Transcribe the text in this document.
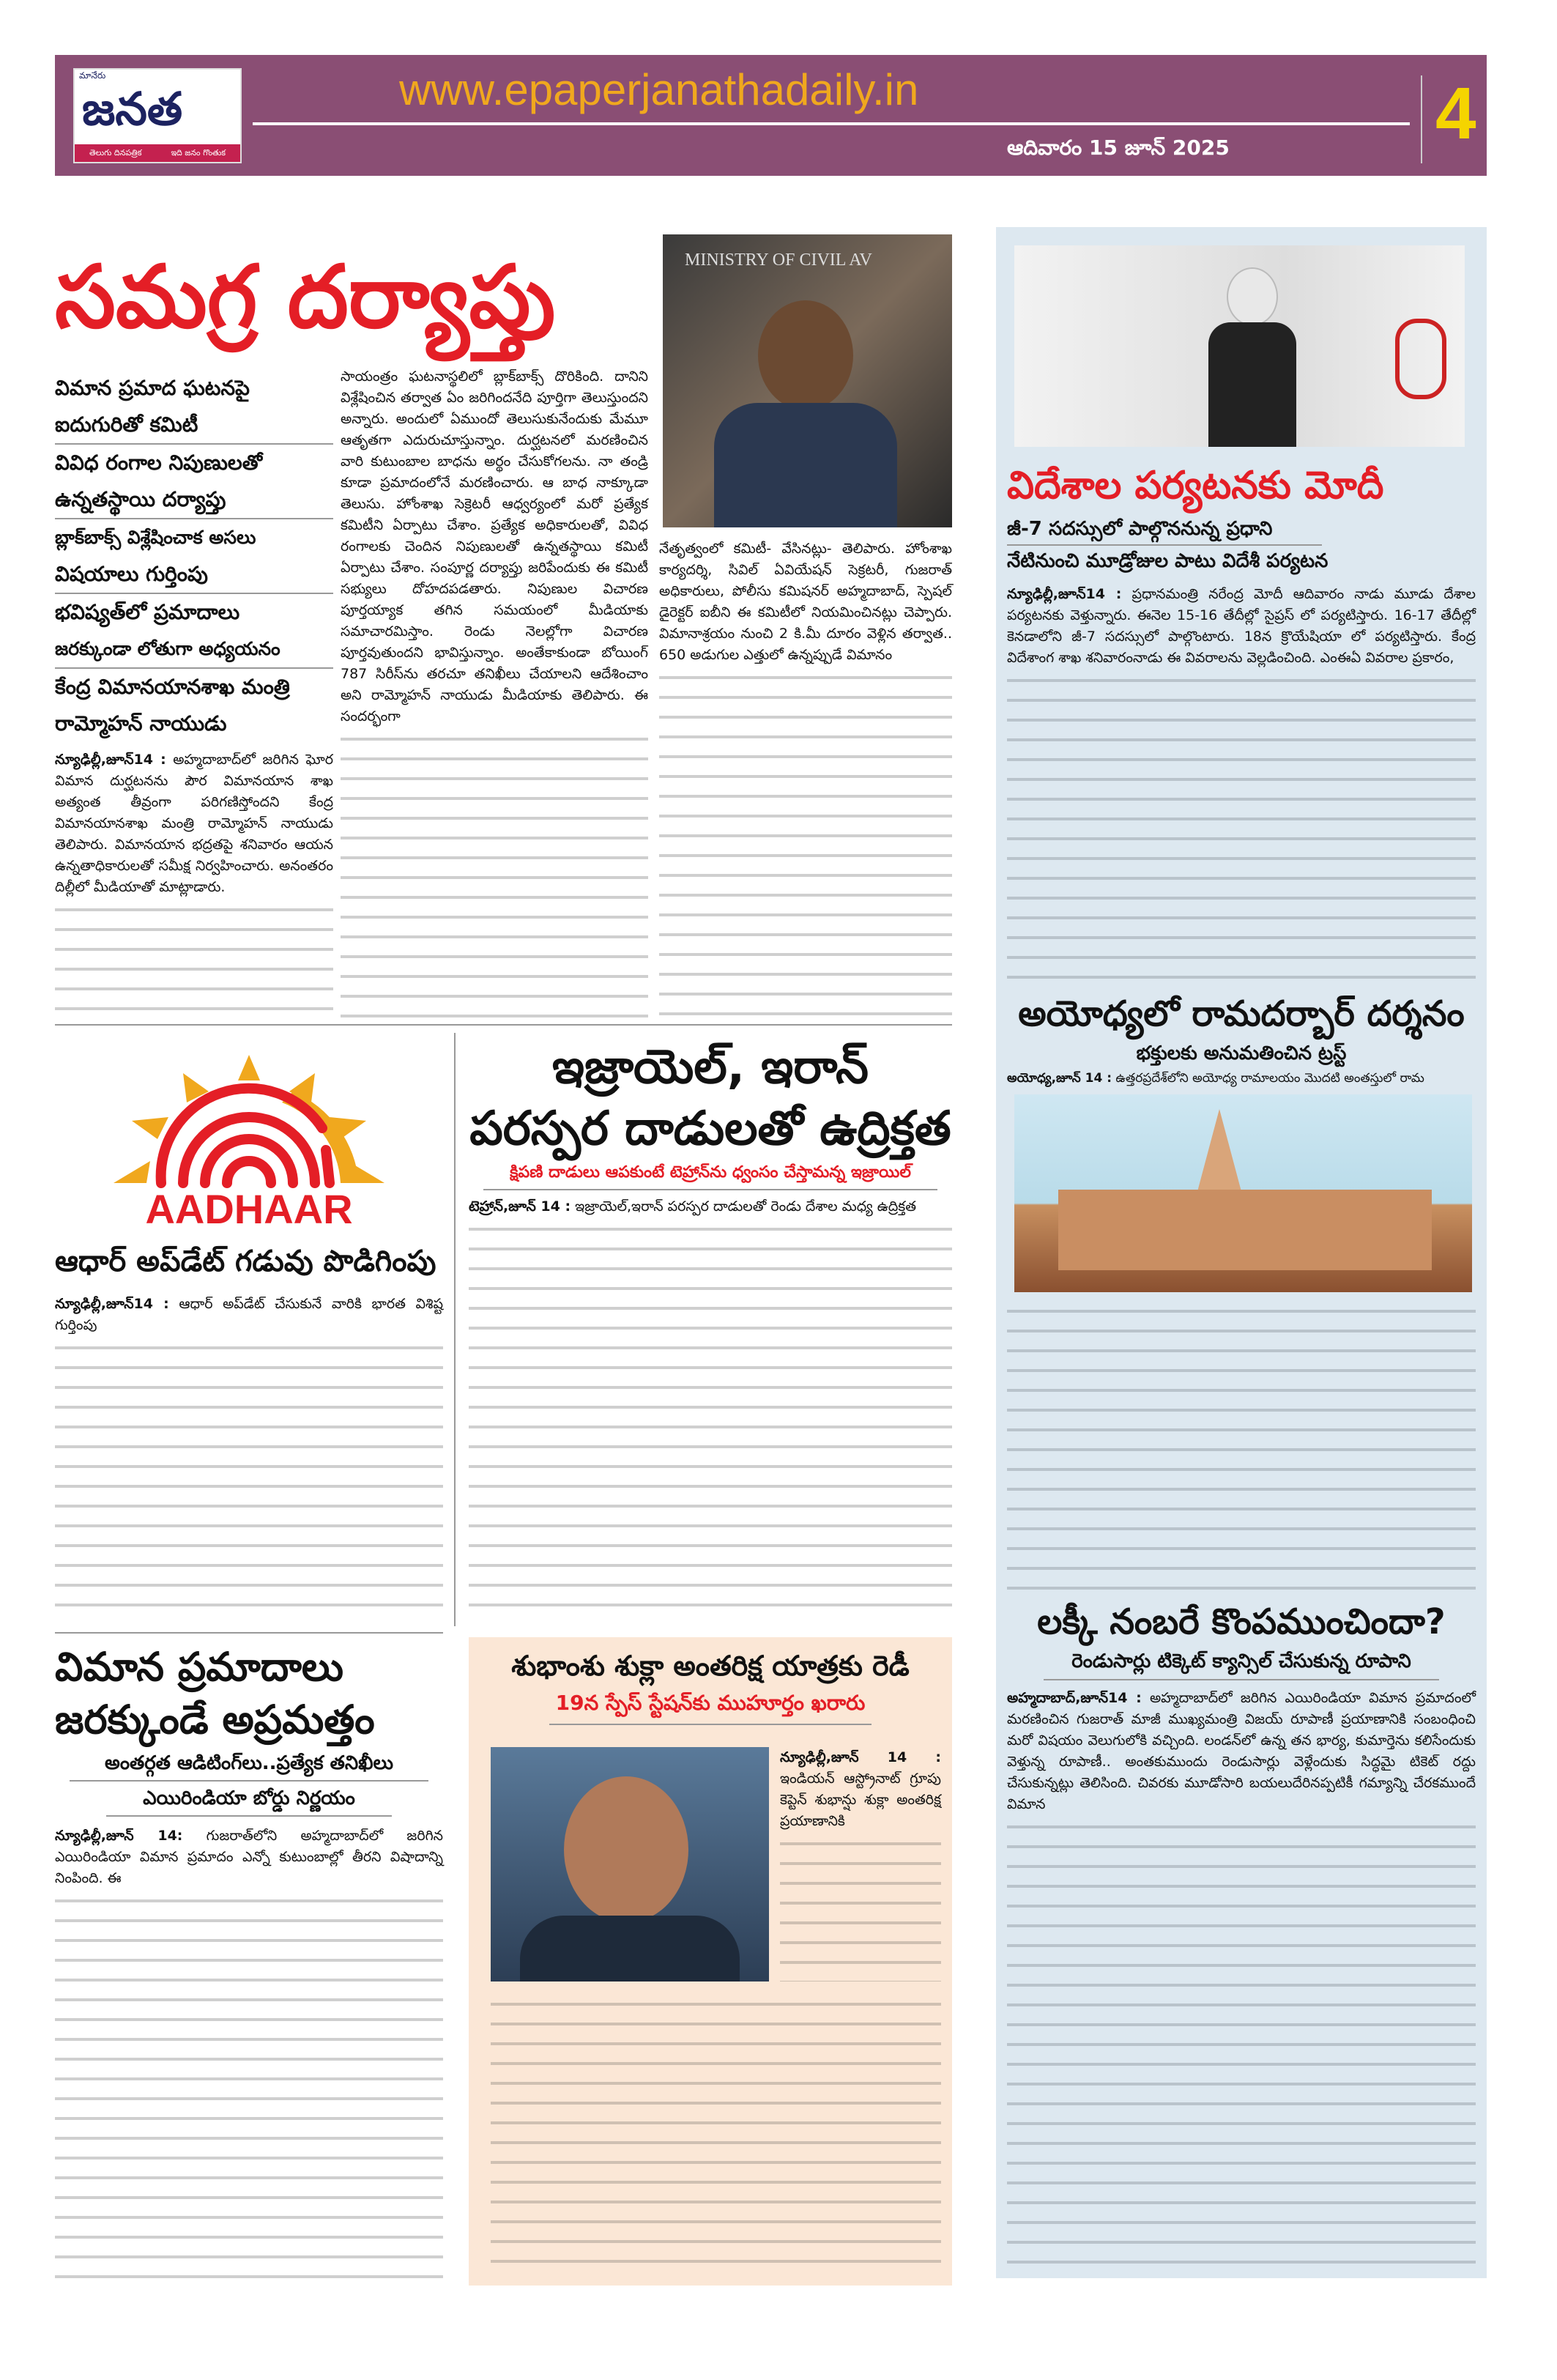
మానేరు
జనత
తెలుగు దినపత్రిక	ఇది జనం గొంతుక
www.epaperjanathadaily.in
ఆదివారం 15 జూన్ 2025	4
సమగ్ర దర్యాప్తు	MINISTRY OF CIVIL AV
విమాన ప్రమాద ఘటనపై
ఐదుగురితో కమిటీ
వివిధ రంగాల నిపుణులతో
ఉన్నతస్థాయి దర్యాప్తు
బ్లాక్‌బాక్స్ విశ్లేషించాక అసలు
విషయాలు గుర్తింపు
భవిష్యత్‌లో ప్రమాదాలు
జరక్కుండా లోతుగా అధ్యయనం
కేంద్ర విమానయానశాఖ మంత్రి
రామ్మోహన్ నాయుడు
న్యూఢిల్లీ,జూన్14 : అహ్మదాబాద్‌లో జరిగిన ఘోర విమాన దుర్ఘటనను పౌర విమానయాన శాఖ అత్యంత తీవ్రంగా పరిగణిస్తోందని కేంద్ర విమానయానశాఖ మంత్రి రామ్మోహన్ నాయుడు తెలిపారు. విమానయాన భద్రతపై శనివారం ఆయన ఉన్నతాధికారులతో సమీక్ష నిర్వహించారు. అనంతరం దిల్లీలో మీడియాతో మాట్లాడారు.
సాయంత్రం ఘటనాస్థలిలో బ్లాక్‌బాక్స్ దొరికింది. దానిని విశ్లేషించిన తర్వాత ఏం జరిగిందనేది పూర్తిగా తెలుస్తుందని అన్నారు. అందులో ఏముందో తెలుసుకునేందుకు మేమూ ఆతృతగా ఎదురుచూస్తున్నాం. దుర్ఘటనలో మరణించిన వారి కుటుంబాల బాధను అర్థం చేసుకోగలను. నా తండ్రి కూడా ప్రమాదంలోనే మరణించారు. ఆ బాధ నాక్కూడా తెలుసు. హోంశాఖ సెక్రెటరీ ఆధ్వర్యంలో మరో ప్రత్యేక కమిటీని ఏర్పాటు చేశాం. ప్రత్యేక అధికారులతో, వివిధ రంగాలకు చెందిన నిపుణులతో ఉన్నతస్థాయి కమిటీ ఏర్పాటు చేశాం. సంపూర్ణ దర్యాప్తు జరిపేందుకు ఈ కమిటీ సభ్యులు దోహదపడతారు. నిపుణుల విచారణ పూర్తయ్యాక తగిన సమయంలో మీడియాకు సమాచారమిస్తాం. రెండు నెలల్లోగా విచారణ పూర్తవుతుందని భావిస్తున్నాం. అంతేకాకుండా బోయింగ్ 787 సిరీస్‌ను తరచూ తనిఖీలు చేయాలని ఆదేశించాం అని రామ్మోహన్ నాయుడు మీడియాకు తెలిపారు. ఈ సందర్భంగా
నేతృత్వంలో కమిటీ- వేసినట్లు- తెలిపారు. హోంశాఖ కార్యదర్శి, సివిల్ ఏవియేషన్ సెక్రటరీ, గుజరాత్ అధికారులు, పోలీసు కమిషనర్ అహ్మదాబాద్, స్పెషల్ డైరెక్టర్ ఐబీని ఈ కమిటీలో నియమించినట్లు చెప్పారు. విమానాశ్రయం నుంచి 2 కి.మీ దూరం వెళ్లిన తర్వాత.. 650 అడుగుల ఎత్తులో ఉన్నప్పుడే విమానం
AADHAAR
ఆధార్ అప్‌డేట్ గడువు పొడిగింపు
న్యూఢిల్లీ,జూన్14 : ఆధార్ అప్‌డేట్ చేసుకునే వారికి భారత విశిష్ట గుర్తింపు
ఇజ్రాయెల్, ఇరాన్
పరస్పర దాడులతో ఉద్రిక్తత
క్షిపణి దాడులు ఆపకుంటే టెహ్రాన్‌ను ధ్వంసం చేస్తామన్న ఇజ్రాయిల్
టెహ్రాన్,జూన్ 14 : ఇజ్రాయెల్,ఇరాన్ పరస్పర దాడులతో రెండు దేశాల మధ్య ఉద్రిక్తత
విమాన ప్రమాదాలు
జరక్కుండే అప్రమత్తం
అంతర్గత ఆడిటింగ్‌లు..ప్రత్యేక తనిఖీలు
ఎయిరిండియా బోర్డు నిర్ణయం
న్యూఢిల్లీ,జూన్ 14: గుజరాత్‌లోని అహ్మదాబాద్‌లో జరిగిన ఎయిరిండియా విమాన ప్రమాదం ఎన్నో కుటుంబాల్లో తీరని విషాదాన్ని నింపింది. ఈ
శుభాంశు శుక్లా అంతరిక్ష యాత్రకు రెడీ
19న స్పేస్ స్టేషన్‌కు ముహూర్తం ఖరారు
న్యూఢిల్లీ,జూన్ 14 : ఇండియన్ ఆస్ట్రోనాట్ గ్రూపు కెప్టెన్ శుభాన్షు శుక్లా అంతరిక్ష ప్రయాణానికి
విదేశాల పర్యటనకు మోదీ
జీ-7 సదస్సులో పాల్గొననున్న ప్రధాని
నేటినుంచి మూడ్రోజుల పాటు విదేశీ పర్యటన
న్యూఢిల్లీ,జూన్14 : ప్రధానమంత్రి నరేంద్ర మోదీ ఆదివారం నాడు మూడు దేశాల పర్యటనకు వెళ్తున్నారు. ఈనెల 15-16 తేదీల్లో సైప్రస్ లో పర్యటిస్తారు. 16-17 తేదీల్లో కెనడాలోని జీ-7 సదస్సులో పాల్గొంటారు. 18న క్రొయేషియా లో పర్యటిస్తారు. కేంద్ర విదేశాంగ శాఖ శనివారంనాడు ఈ వివరాలను వెల్లడించింది. ఎంఈఏ వివరాల ప్రకారం,
అయోధ్యలో రామదర్బార్ దర్శనం
భక్తులకు అనుమతించిన ట్రస్ట్
అయోధ్య,జూన్ 14 : ఉత్తరప్రదేశ్‌లోని అయోధ్య రామాలయం మొదటి అంతస్తులో రామ
లక్కీ నంబరే కొంపముంచిందా?
రెండుసార్లు టిక్కెట్ క్యాన్సిల్ చేసుకున్న రూపాని
అహ్మదాబాద్,జూన్14 : అహ్మదాబాద్‌లో జరిగిన ఎయిరిండియా విమాన ప్రమాదంలో మరణించిన గుజరాత్ మాజీ ముఖ్యమంత్రి విజయ్ రూపాణీ ప్రయాణానికి సంబంధించి మరో విషయం వెలుగులోకి వచ్చింది. లండన్‌లో ఉన్న తన భార్య, కుమార్తెను కలిసేందుకు వెళ్తున్న రూపాణీ.. అంతకుముందు రెండుసార్లు వెళ్లేందుకు సిద్ధమై టికెట్ రద్దు చేసుకున్నట్లు తెలిసింది. చివరకు మూడోసారి బయలుదేరినప్పటికీ గమ్యాన్ని చేరకముందే విమాన
